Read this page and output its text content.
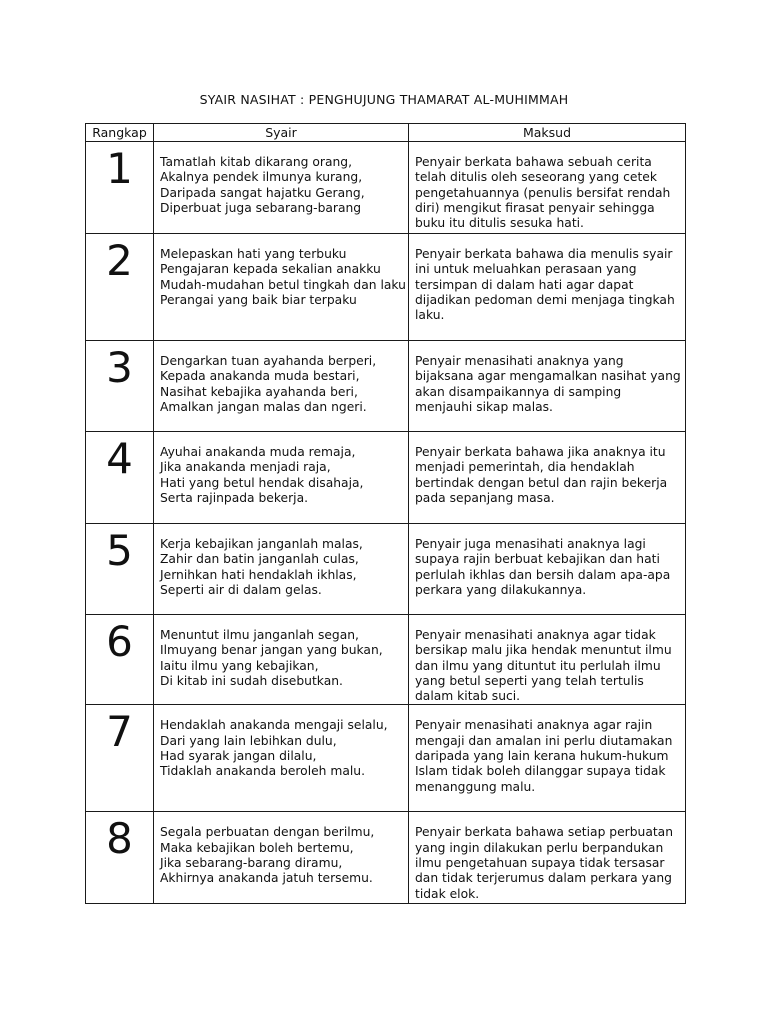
SYAIR NASIHAT : PENGHUJUNG THAMARAT AL-MUHIMMAH
Rangkap	Syair	Maksud
1	Tamatlah kitab dikarang orang,
Akalnya pendek ilmunya kurang,
Daripada sangat hajatku Gerang,
Diperbuat juga sebarang-barang	Penyair berkata bahawa sebuah cerita telah ditulis oleh seseorang yang cetek pengetahuannya (penulis bersifat rendah diri) mengikut firasat penyair sehingga buku itu ditulis sesuka hati.

2	Melepaskan hati yang terbuku
Pengajaran kepada sekalian anakku
Mudah-mudahan betul tingkah dan laku
Perangai yang baik biar terpaku	Penyair berkata bahawa dia menulis syair ini untuk meluahkan perasaan yang tersimpan di dalam hati agar dapat dijadikan pedoman demi menjaga tingkah laku.

3	Dengarkan tuan ayahanda berperi,
Kepada anakanda muda bestari,
Nasihat kebajika ayahanda beri,
Amalkan jangan malas dan ngeri.	Penyair menasihati anaknya yang bijaksana agar mengamalkan nasihat yang akan disampaikannya di samping menjauhi sikap malas.

4	Ayuhai anakanda muda remaja,
Jika anakanda menjadi raja,
Hati yang betul hendak disahaja,
Serta rajinpada bekerja.	Penyair berkata bahawa jika anaknya itu menjadi pemerintah, dia hendaklah bertindak dengan betul dan rajin bekerja pada sepanjang masa.

5	Kerja kebajikan janganlah malas,
Zahir dan batin janganlah culas,
Jernihkan hati hendaklah ikhlas,
Seperti air di dalam gelas.	Penyair juga menasihati anaknya lagi supaya rajin berbuat kebajikan dan hati perlulah ikhlas dan bersih dalam apa-apa perkara yang dilakukannya.

6	Menuntut ilmu janganlah segan,
Ilmuyang benar jangan yang bukan,
Iaitu ilmu yang kebajikan,
Di kitab ini sudah disebutkan.	Penyair menasihati anaknya agar tidak bersikap malu jika hendak menuntut ilmu dan ilmu yang dituntut itu perlulah ilmu yang betul seperti yang telah tertulis dalam kitab suci.

7	Hendaklah anakanda mengaji selalu,
Dari yang lain lebihkan dulu,
Had syarak jangan dilalu,
Tidaklah anakanda beroleh malu.	Penyair menasihati anaknya agar rajin mengaji dan amalan ini perlu diutamakan daripada yang lain kerana hukum-hukum Islam tidak boleh dilanggar supaya tidak menanggung malu.

8	Segala perbuatan dengan berilmu,
Maka kebajikan boleh bertemu,
Jika sebarang-barang diramu,
Akhirnya anakanda jatuh tersemu.	Penyair berkata bahawa setiap perbuatan yang ingin dilakukan perlu berpandukan ilmu pengetahuan supaya tidak tersasar dan tidak terjerumus dalam perkara yang tidak elok.
